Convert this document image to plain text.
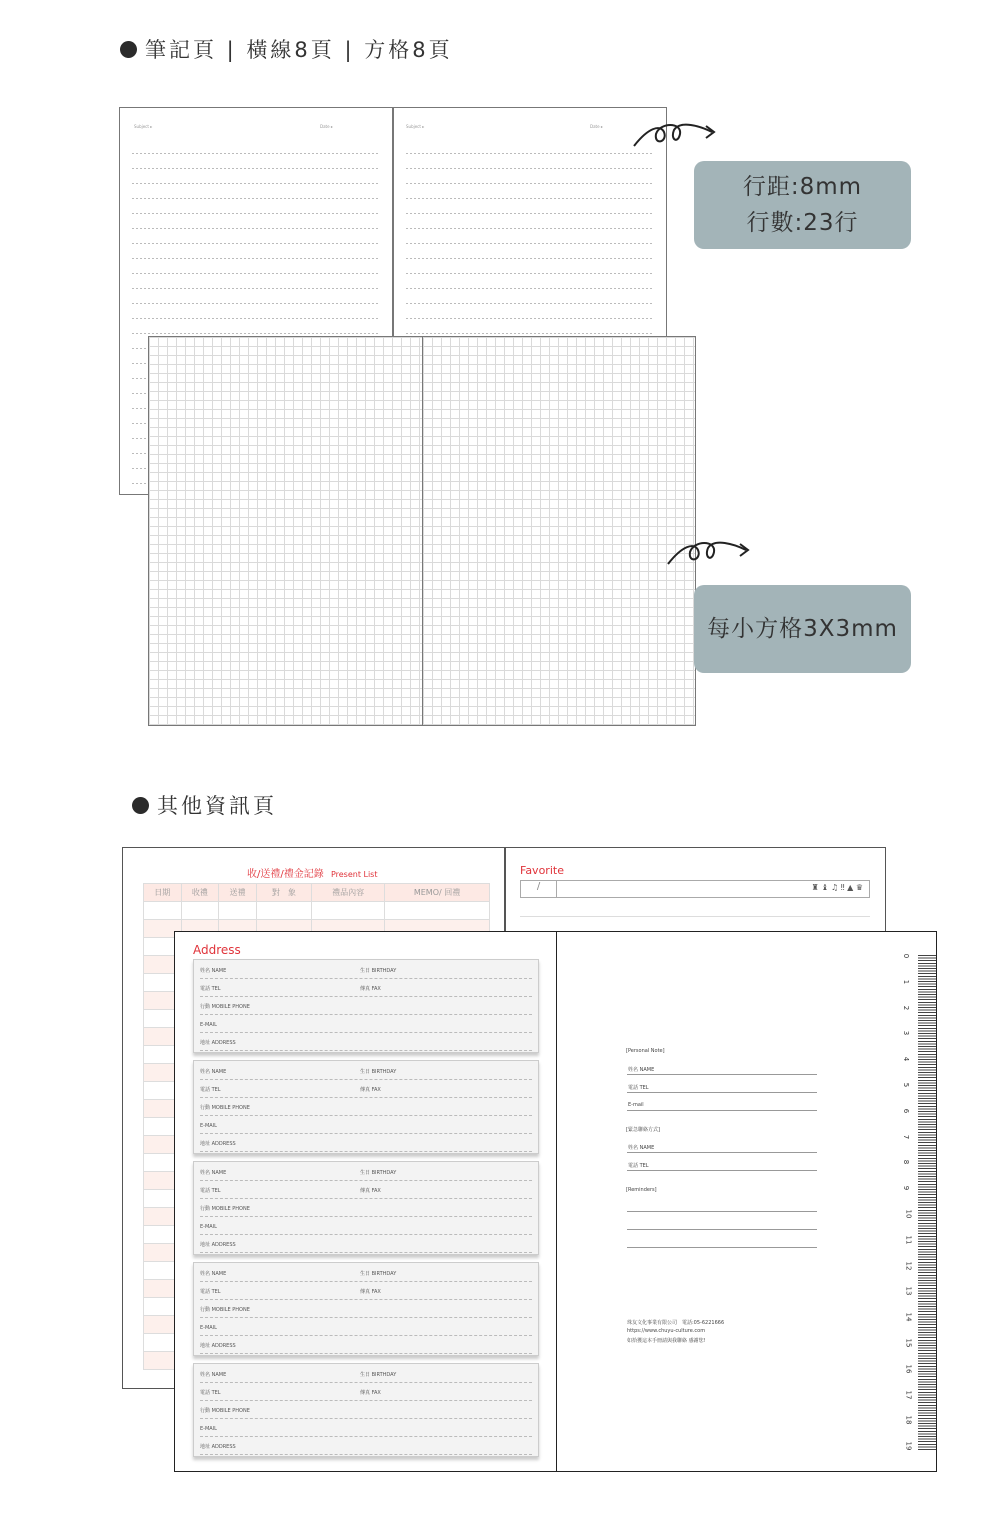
筆記頁 | 橫線8頁 | 方格8頁
Subject ▸	Date ▸	Subject ▸	Date ▸
行距:8mm
行數:23行
每小方格3X3mm
其他資訊頁
收/送禮/禮金記錄 Present List
日期	收禮	送禮	對　象	禮品內容	MEMO/ 回禮

Favorite
/	♜ ♝ ♫ ‼ ▲ ♛
Address
姓名 NAME	生日 BIRTHDAY
電話 TEL	傳真 FAX
行動 MOBILE PHONE
E-MAIL
地址 ADDRESS
姓名 NAME	生日 BIRTHDAY
電話 TEL	傳真 FAX
行動 MOBILE PHONE
E-MAIL
地址 ADDRESS
姓名 NAME	生日 BIRTHDAY
電話 TEL	傳真 FAX
行動 MOBILE PHONE
E-MAIL
地址 ADDRESS
姓名 NAME	生日 BIRTHDAY
電話 TEL	傳真 FAX
行動 MOBILE PHONE
E-MAIL
地址 ADDRESS
姓名 NAME	生日 BIRTHDAY
電話 TEL	傳真 FAX
行動 MOBILE PHONE
E-MAIL
地址 ADDRESS
[Personal Note]
姓名 NAME
電話 TEL
E-mail
[緊急聯絡方式]
姓名 NAME
電話 TEL
[Reminders]
珠友文化事業有限公司　電話:05-6221666
https://www.chuyu-culture.com
如拾獲這本手冊請與我聯絡 感謝您!
0
1
2
3
4
5
6
7
8
9
10
11
12
13
14
15
16
17
18
19
